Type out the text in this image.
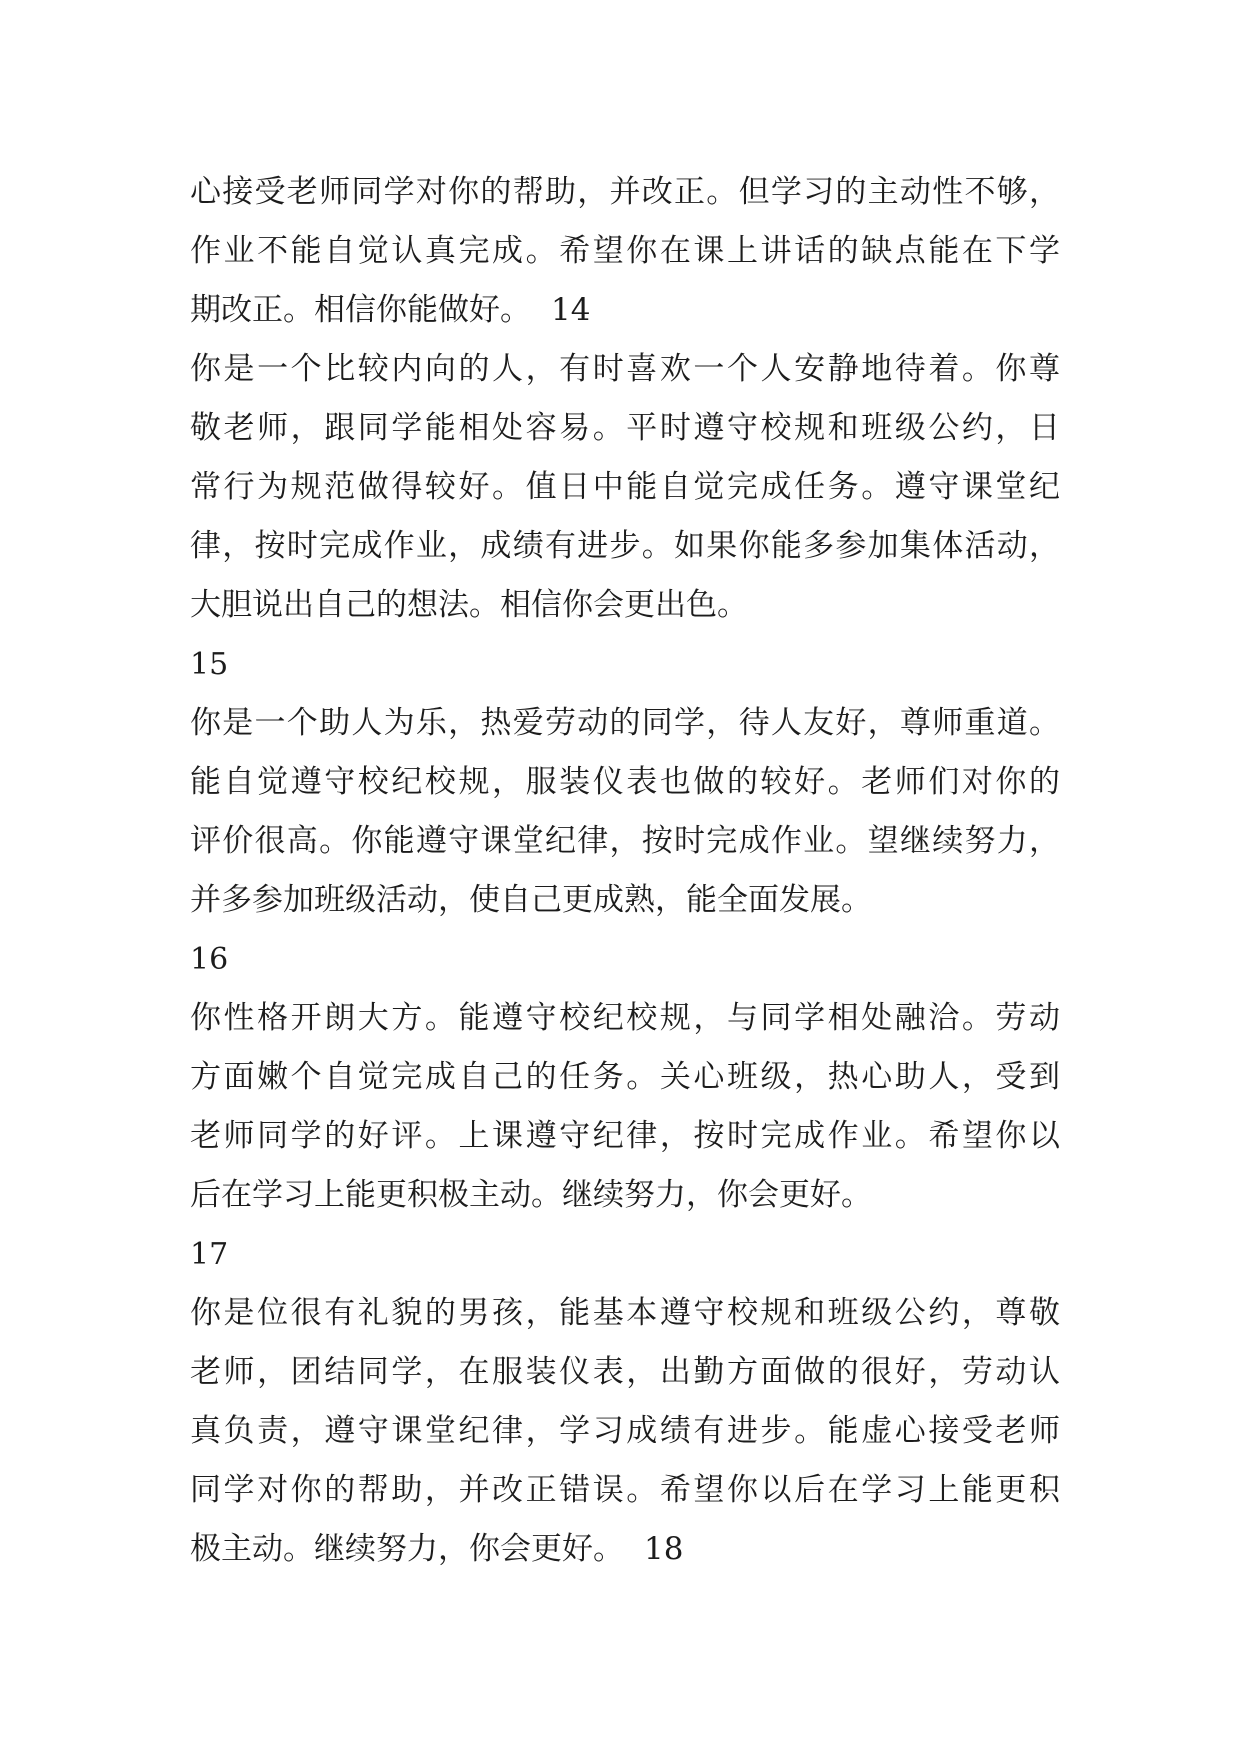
心接受老师同学对你的帮助，并改正。但学习的主动性不够，
作业不能自觉认真完成。希望你在课上讲话的缺点能在下学
期改正。相信你能做好。 14
你是一个比较内向的人，有时喜欢一个人安静地待着。你尊
敬老师，跟同学能相处容易。平时遵守校规和班级公约，日
常行为规范做得较好。值日中能自觉完成任务。遵守课堂纪
律，按时完成作业，成绩有进步。如果你能多参加集体活动，
大胆说出自己的想法。相信你会更出色。
15
你是一个助人为乐，热爱劳动的同学，待人友好，尊师重道。
能自觉遵守校纪校规，服装仪表也做的较好。老师们对你的
评价很高。你能遵守课堂纪律，按时完成作业。望继续努力，
并多参加班级活动，使自己更成熟，能全面发展。
16
你性格开朗大方。能遵守校纪校规，与同学相处融洽。劳动
方面嫩个自觉完成自己的任务。关心班级，热心助人，受到
老师同学的好评。上课遵守纪律，按时完成作业。希望你以
后在学习上能更积极主动。继续努力，你会更好。
17
你是位很有礼貌的男孩，能基本遵守校规和班级公约，尊敬
老师，团结同学，在服装仪表，出勤方面做的很好，劳动认
真负责，遵守课堂纪律，学习成绩有进步。能虚心接受老师
同学对你的帮助，并改正错误。希望你以后在学习上能更积
极主动。继续努力，你会更好。 18
